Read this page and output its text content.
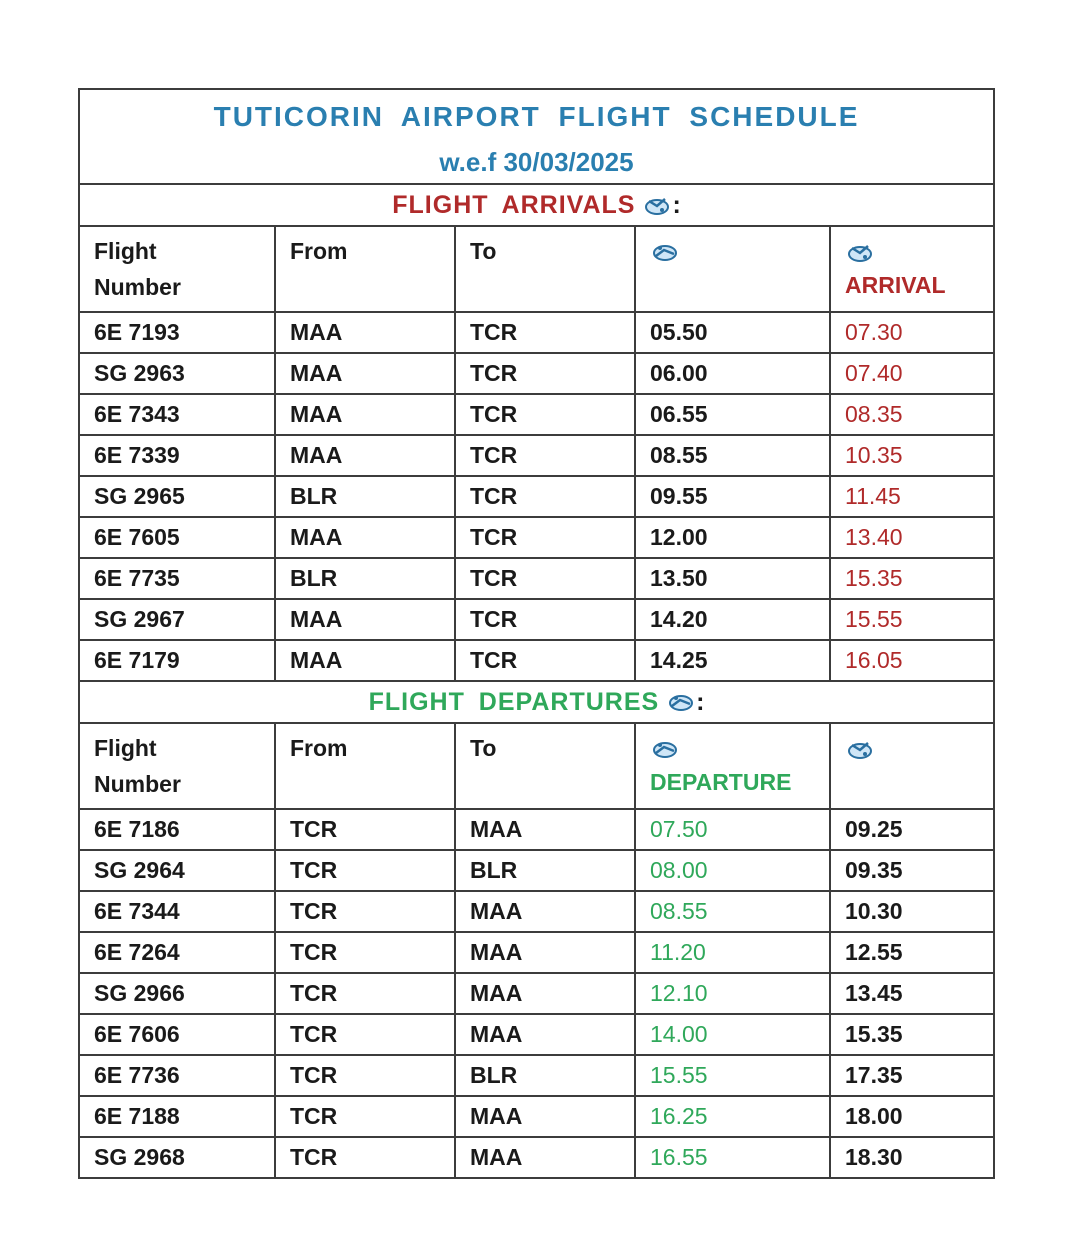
TUTICORIN AIRPORT FLIGHT SCHEDULE
w.e.f 30/03/2025				

FLIGHT ARRIVALS :				
Flight
Number	From	To		ARRIVAL
6E 7193	MAA	TCR	05.50	07.30
SG 2963	MAA	TCR	06.00	07.40
6E 7343	MAA	TCR	06.55	08.35
6E 7339	MAA	TCR	08.55	10.35
SG 2965	BLR	TCR	09.55	11.45
6E 7605	MAA	TCR	12.00	13.40
6E 7735	BLR	TCR	13.50	15.35
SG 2967	MAA	TCR	14.20	15.55
6E 7179	MAA	TCR	14.25	16.05
FLIGHT DEPARTURES :				
Flight
Number	From	To	DEPARTURE	

6E 7186	TCR	MAA	07.50	09.25
SG 2964	TCR	BLR	08.00	09.35
6E 7344	TCR	MAA	08.55	10.30
6E 7264	TCR	MAA	11.20	12.55
SG 2966	TCR	MAA	12.10	13.45
6E 7606	TCR	MAA	14.00	15.35
6E 7736	TCR	BLR	15.55	17.35
6E 7188	TCR	MAA	16.25	18.00
SG 2968	TCR	MAA	16.55	18.30
